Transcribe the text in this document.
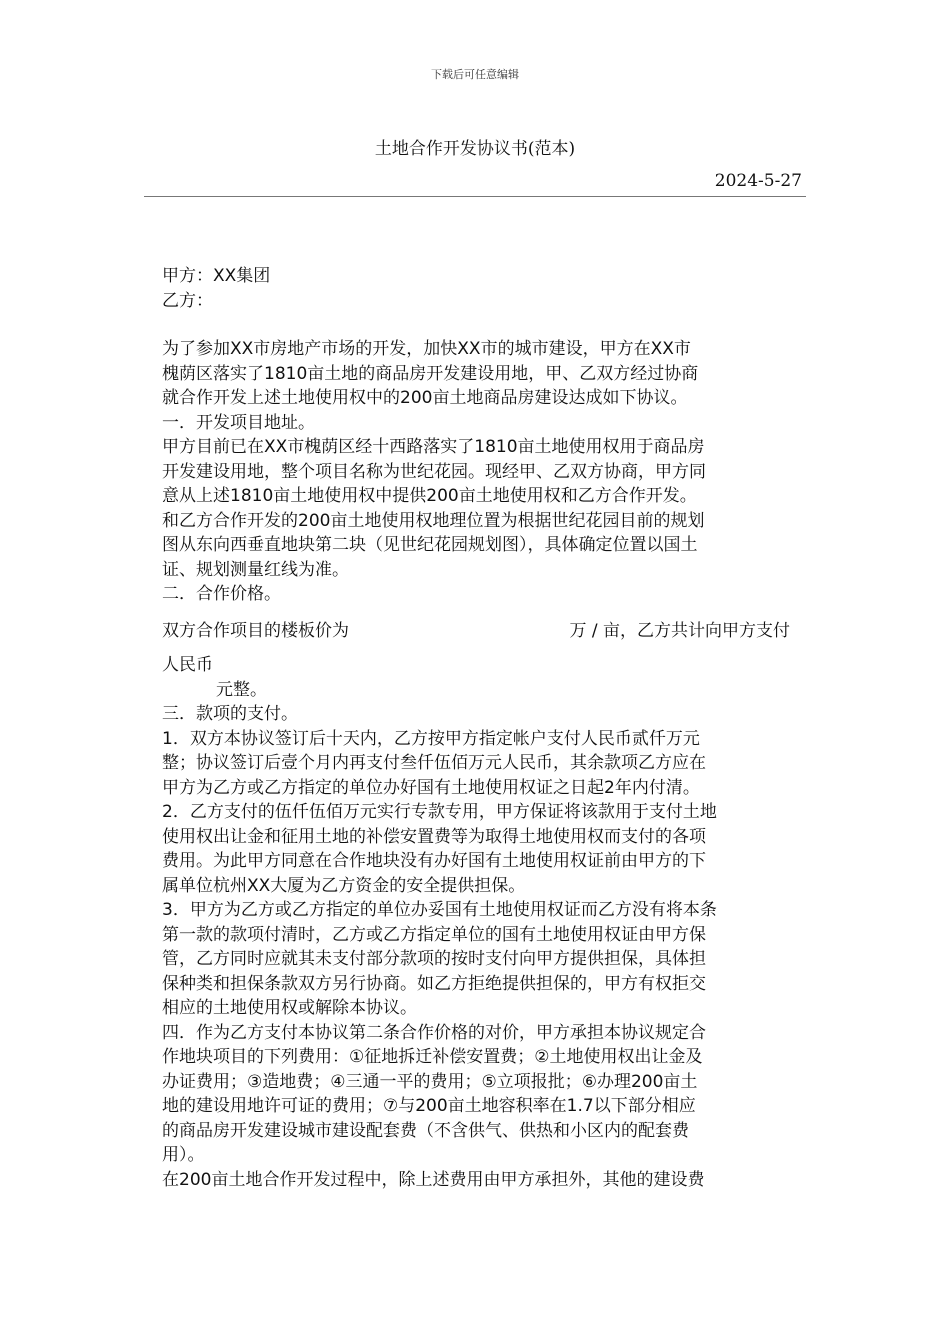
下载后可任意编辑
土地合作开发协议书(范本)
2024-5-27

甲方：XX集团

乙方：

为了参加XX市房地产市场的开发，加快XX市的城市建设，甲方在XX市

槐荫区落实了1810亩土地的商品房开发建设用地，甲、乙双方经过协商

就合作开发上述土地使用权中的200亩土地商品房建设达成如下协议。

一．开发项目地址。

甲方目前已在XX市槐荫区经十西路落实了1810亩土地使用权用于商品房

开发建设用地，整个项目名称为世纪花园。现经甲、乙双方协商，甲方同

意从上述1810亩土地使用权中提供200亩土地使用权和乙方合作开发。

和乙方合作开发的200亩土地使用权地理位置为根据世纪花园目前的规划

图从东向西垂直地块第二块（见世纪花园规划图），具体确定位置以国土

证、规划测量红线为准。

二．合作价格。

双方合作项目的楼板价为	万 / 亩，乙方共计向甲方支付

人民币

元整。

三．款项的支付。

1．双方本协议签订后十天内，乙方按甲方指定帐户支付人民币贰仟万元

整；协议签订后壹个月内再支付叁仟伍佰万元人民币，其余款项乙方应在

甲方为乙方或乙方指定的单位办好国有土地使用权证之日起2年内付清。

2．乙方支付的伍仟伍佰万元实行专款专用，甲方保证将该款用于支付土地

使用权出让金和征用土地的补偿安置费等为取得土地使用权而支付的各项

费用。为此甲方同意在合作地块没有办好国有土地使用权证前由甲方的下

属单位杭州XX大厦为乙方资金的安全提供担保。

3．甲方为乙方或乙方指定的单位办妥国有土地使用权证而乙方没有将本条

第一款的款项付清时，乙方或乙方指定单位的国有土地使用权证由甲方保

管，乙方同时应就其未支付部分款项的按时支付向甲方提供担保，具体担

保种类和担保条款双方另行协商。如乙方拒绝提供担保的，甲方有权拒交

相应的土地使用权或解除本协议。

四．作为乙方支付本协议第二条合作价格的对价，甲方承担本协议规定合

作地块项目的下列费用：①征地拆迁补偿安置费；②土地使用权出让金及

办证费用；③造地费；④三通一平的费用；⑤立项报批；⑥办理200亩土

地的建设用地许可证的费用；⑦与200亩土地容积率在1.7以下部分相应

的商品房开发建设城市建设配套费（不含供气、供热和小区内的配套费

用）。

在200亩土地合作开发过程中，除上述费用由甲方承担外，其他的建设费
